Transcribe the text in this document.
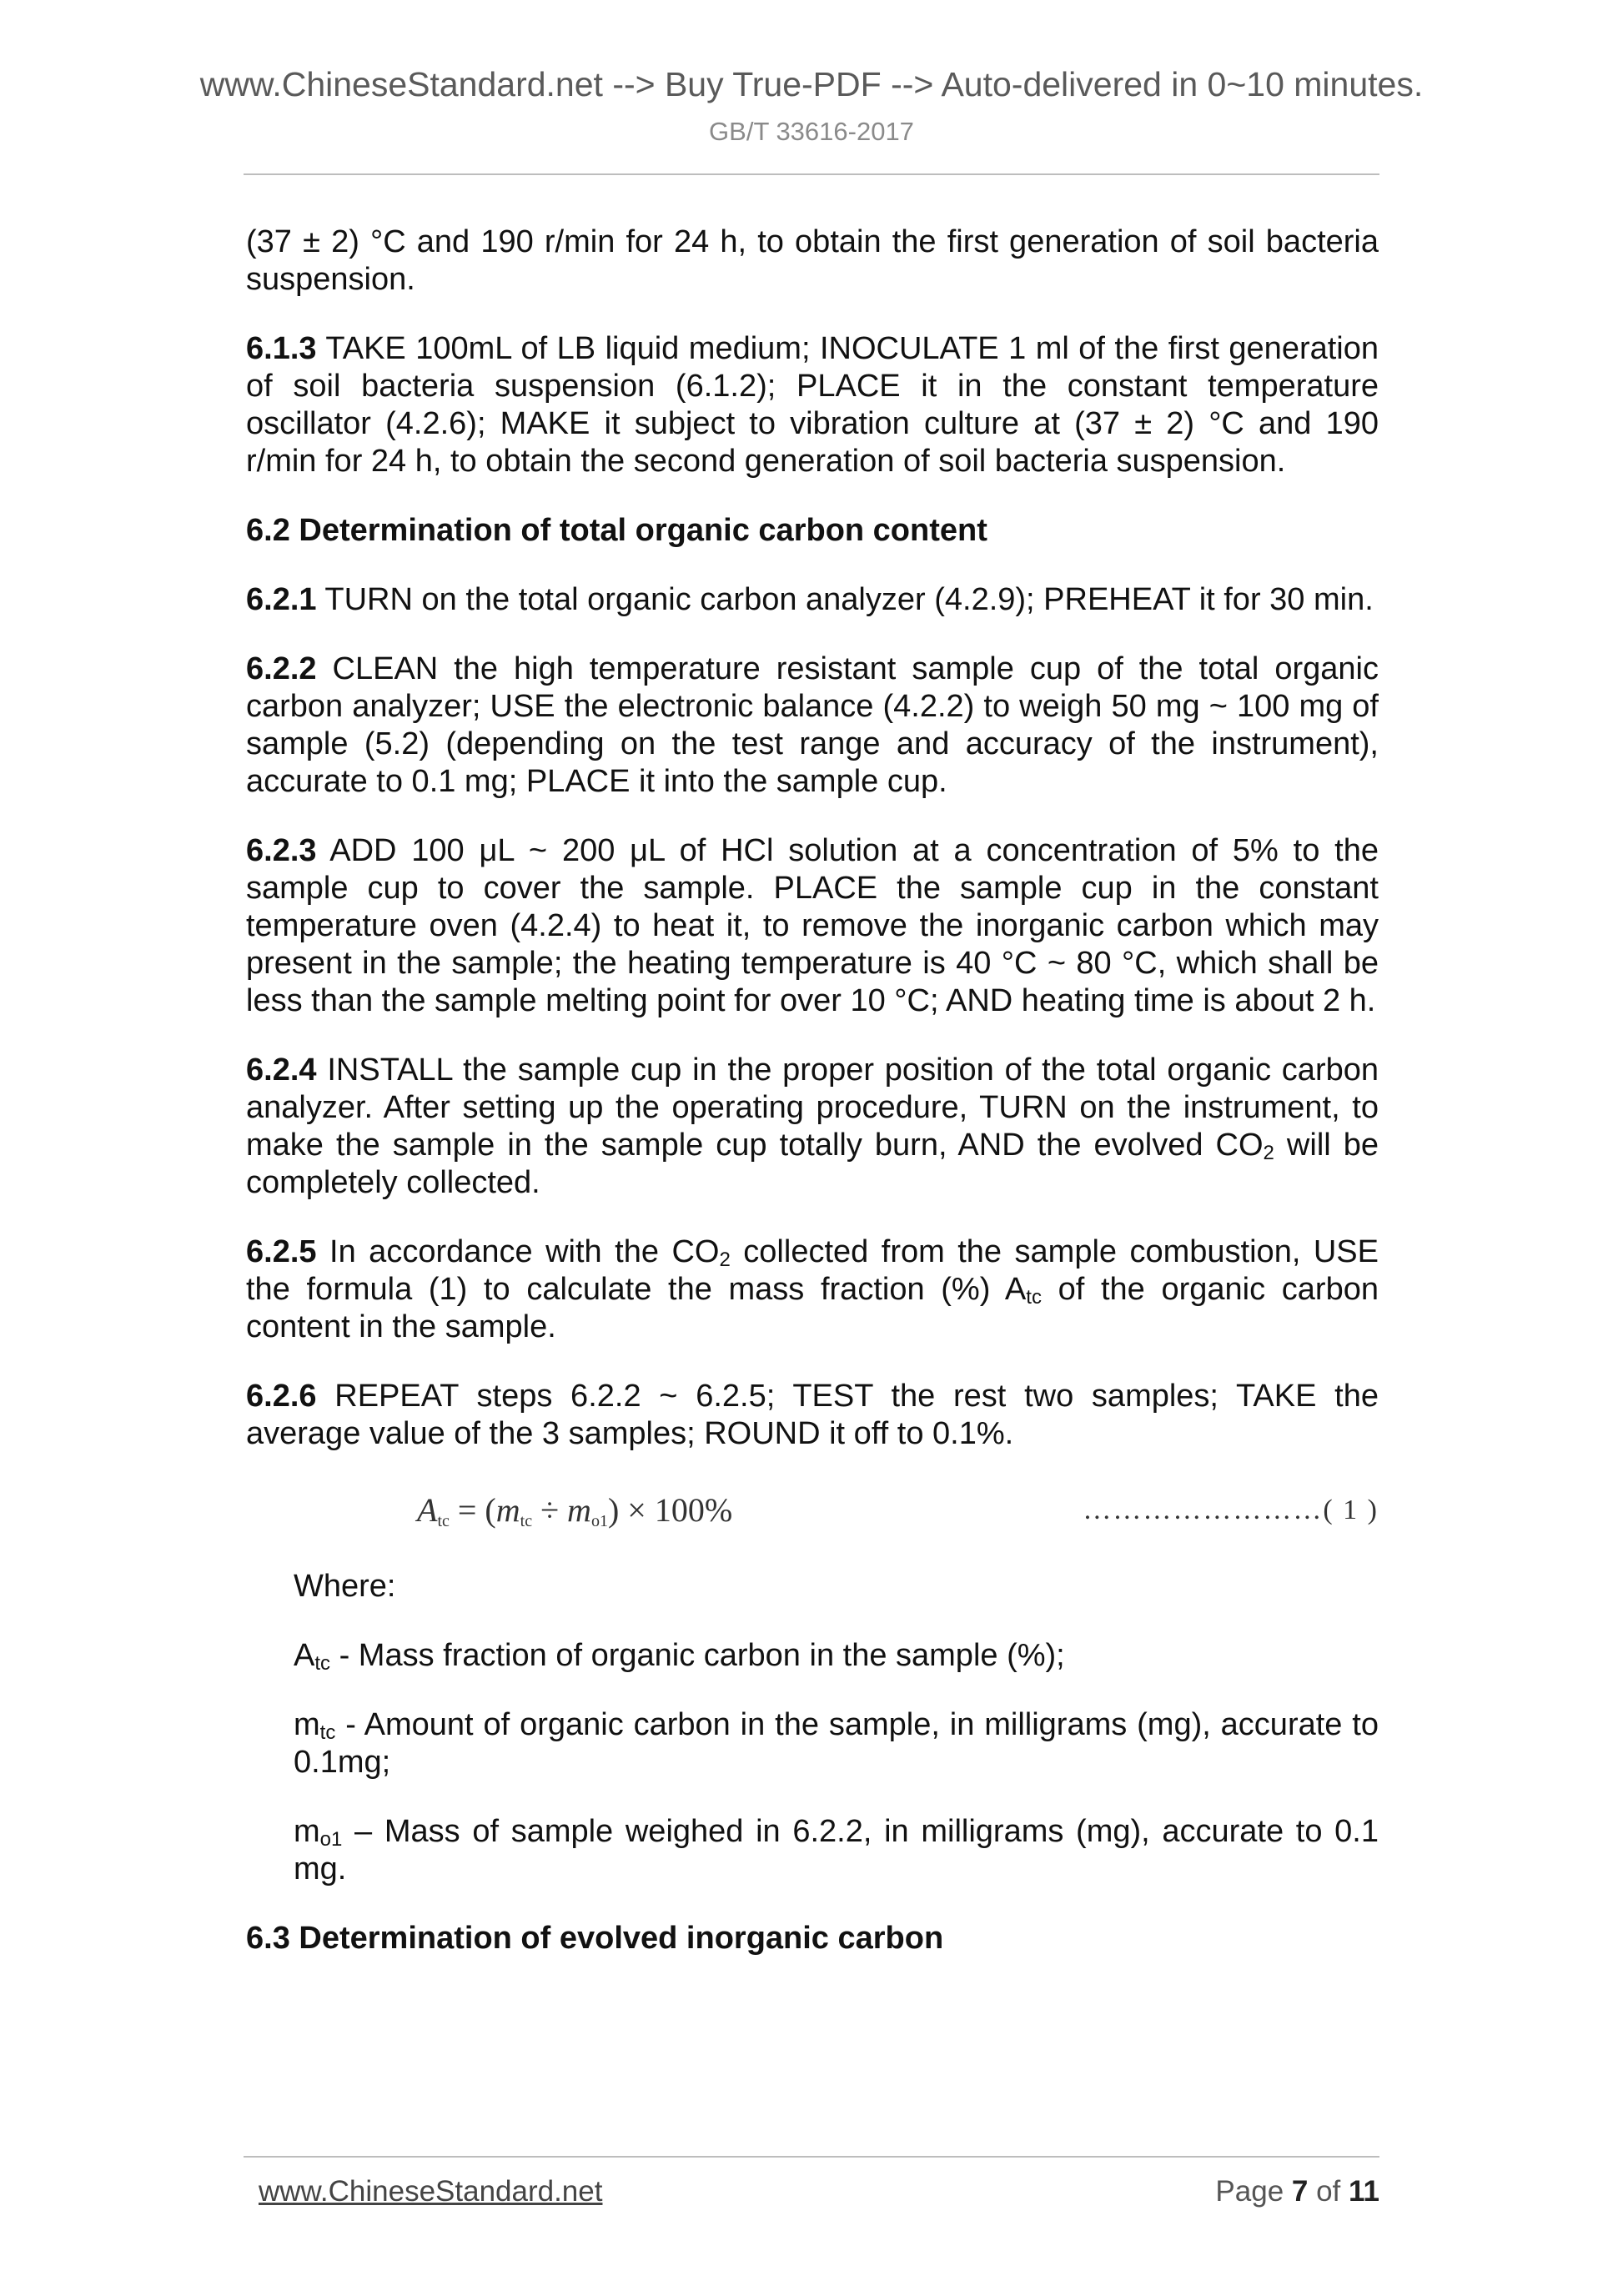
www.ChineseStandard.net --> Buy True-PDF --> Auto-delivered in 0~10 minutes.
GB/T 33616-2017

(37 ± 2) °C and 190 r/min for 24 h, to obtain the first generation of soil bacteria suspension.

6.1.3 TAKE 100mL of LB liquid medium; INOCULATE 1 ml of the first generation of soil bacteria suspension (6.1.2); PLACE it in the constant temperature oscillator (4.2.6); MAKE it subject to vibration culture at (37 ± 2) °C and 190 r/min for 24 h, to obtain the second generation of soil bacteria suspension.

6.2 Determination of total organic carbon content

6.2.1 TURN on the total organic carbon analyzer (4.2.9); PREHEAT it for 30 min.

6.2.2 CLEAN the high temperature resistant sample cup of the total organic carbon analyzer; USE the electronic balance (4.2.2) to weigh 50 mg ~ 100 mg of sample (5.2) (depending on the test range and accuracy of the instrument), accurate to 0.1 mg; PLACE it into the sample cup.

6.2.3 ADD 100 μL ~ 200 μL of HCl solution at a concentration of 5% to the sample cup to cover the sample. PLACE the sample cup in the constant temperature oven (4.2.4) to heat it, to remove the inorganic carbon which may present in the sample; the heating temperature is 40 °C ~ 80 °C, which shall be less than the sample melting point for over 10 °C; AND heating time is about 2 h.

6.2.4 INSTALL the sample cup in the proper position of the total organic carbon analyzer. After setting up the operating procedure, TURN on the instrument, to make the sample in the sample cup totally burn, AND the evolved $CO_2$ will be completely collected.

6.2.5 In accordance with the $CO_2$ collected from the sample combustion, USE the formula (1) to calculate the mass fraction (%) $A_{tc}$ of the organic carbon content in the sample.

6.2.6 REPEAT steps 6.2.2 ~ 6.2.5; TEST the rest two samples; TAKE the average value of the 3 samples; ROUND it off to 0.1%.

Atc = (mtc ÷ mo1) × 100%	……………………( 1 )

Where:

$A_{tc}$ - Mass fraction of organic carbon in the sample (%);

$m_{tc}$ - Amount of organic carbon in the sample, in milligrams (mg), accurate to 0.1mg;

$m_{o1}$ – Mass of sample weighed in 6.2.2, in milligrams (mg), accurate to 0.1 mg.

6.3 Determination of evolved inorganic carbon

www.ChineseStandard.net	Page 7 of 11
